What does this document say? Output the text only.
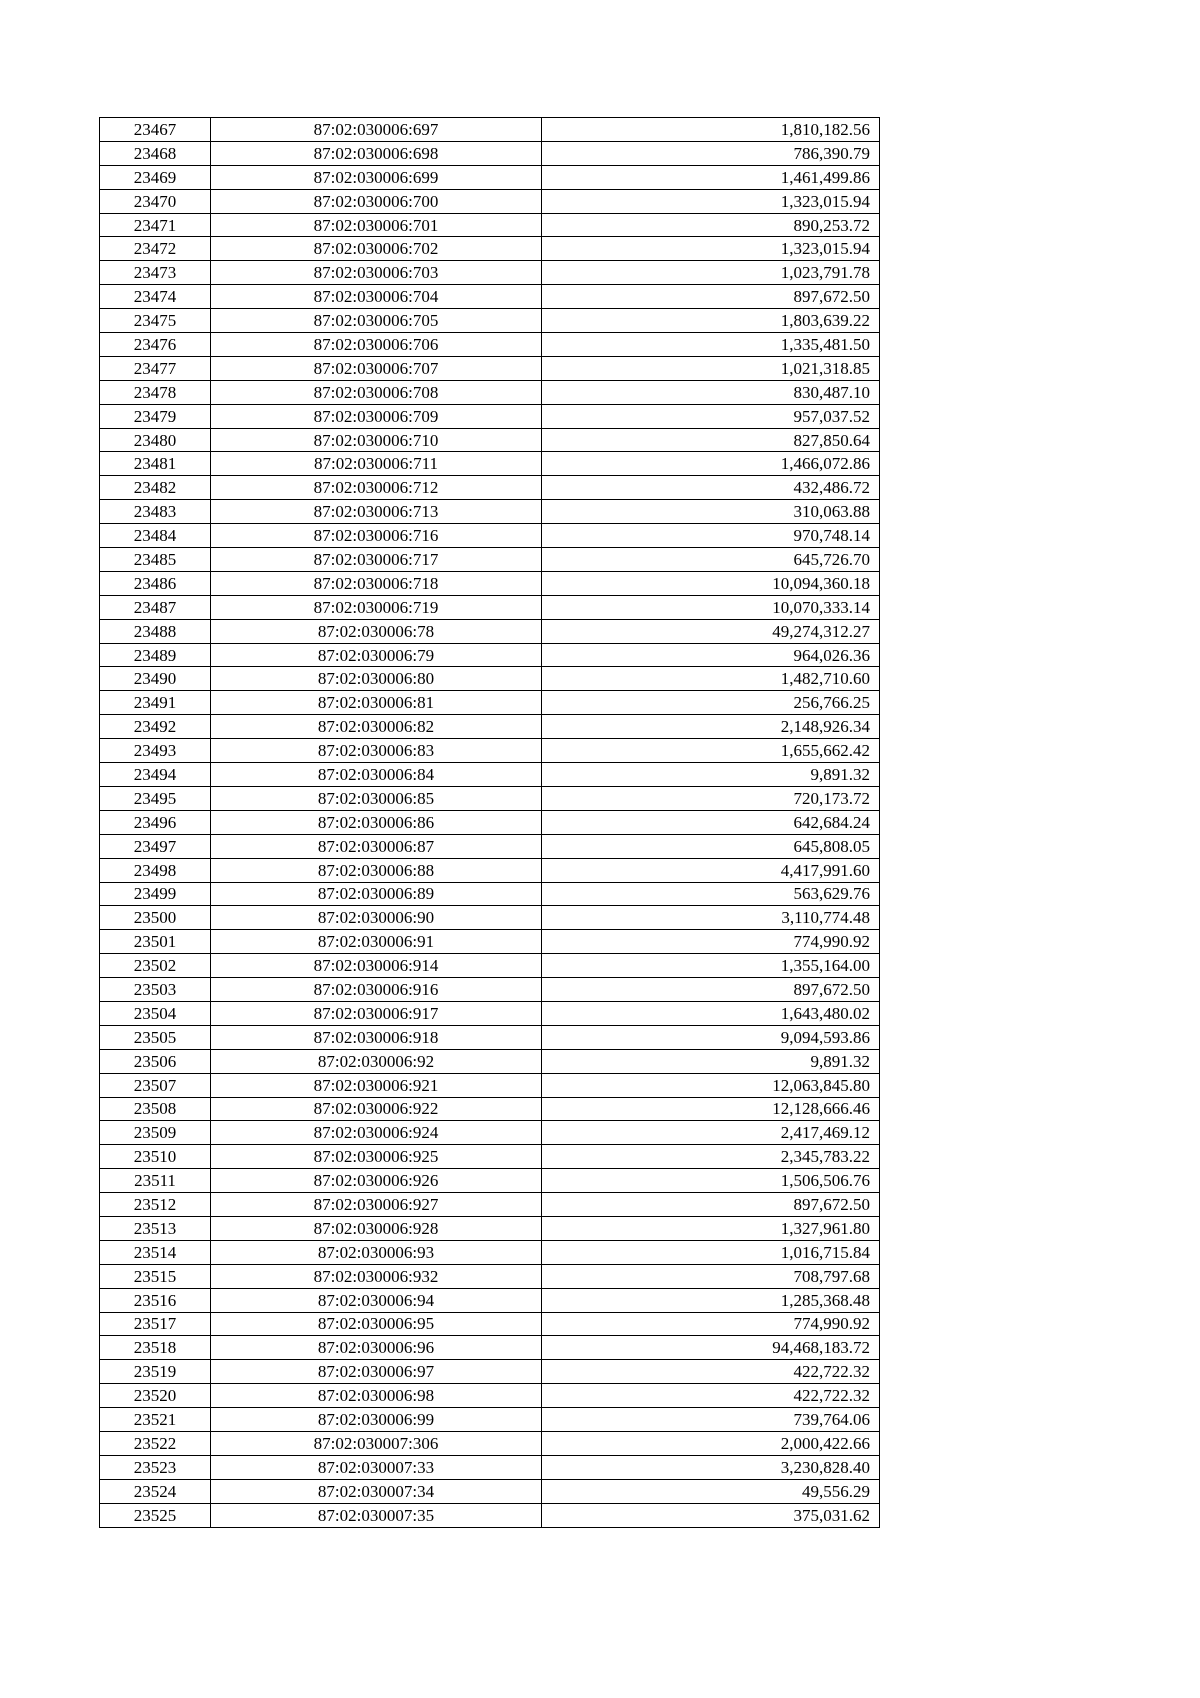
23467	87:02:030006:697	1,810,182.56
23468	87:02:030006:698	786,390.79
23469	87:02:030006:699	1,461,499.86
23470	87:02:030006:700	1,323,015.94
23471	87:02:030006:701	890,253.72
23472	87:02:030006:702	1,323,015.94
23473	87:02:030006:703	1,023,791.78
23474	87:02:030006:704	897,672.50
23475	87:02:030006:705	1,803,639.22
23476	87:02:030006:706	1,335,481.50
23477	87:02:030006:707	1,021,318.85
23478	87:02:030006:708	830,487.10
23479	87:02:030006:709	957,037.52
23480	87:02:030006:710	827,850.64
23481	87:02:030006:711	1,466,072.86
23482	87:02:030006:712	432,486.72
23483	87:02:030006:713	310,063.88
23484	87:02:030006:716	970,748.14
23485	87:02:030006:717	645,726.70
23486	87:02:030006:718	10,094,360.18
23487	87:02:030006:719	10,070,333.14
23488	87:02:030006:78	49,274,312.27
23489	87:02:030006:79	964,026.36
23490	87:02:030006:80	1,482,710.60
23491	87:02:030006:81	256,766.25
23492	87:02:030006:82	2,148,926.34
23493	87:02:030006:83	1,655,662.42
23494	87:02:030006:84	9,891.32
23495	87:02:030006:85	720,173.72
23496	87:02:030006:86	642,684.24
23497	87:02:030006:87	645,808.05
23498	87:02:030006:88	4,417,991.60
23499	87:02:030006:89	563,629.76
23500	87:02:030006:90	3,110,774.48
23501	87:02:030006:91	774,990.92
23502	87:02:030006:914	1,355,164.00
23503	87:02:030006:916	897,672.50
23504	87:02:030006:917	1,643,480.02
23505	87:02:030006:918	9,094,593.86
23506	87:02:030006:92	9,891.32
23507	87:02:030006:921	12,063,845.80
23508	87:02:030006:922	12,128,666.46
23509	87:02:030006:924	2,417,469.12
23510	87:02:030006:925	2,345,783.22
23511	87:02:030006:926	1,506,506.76
23512	87:02:030006:927	897,672.50
23513	87:02:030006:928	1,327,961.80
23514	87:02:030006:93	1,016,715.84
23515	87:02:030006:932	708,797.68
23516	87:02:030006:94	1,285,368.48
23517	87:02:030006:95	774,990.92
23518	87:02:030006:96	94,468,183.72
23519	87:02:030006:97	422,722.32
23520	87:02:030006:98	422,722.32
23521	87:02:030006:99	739,764.06
23522	87:02:030007:306	2,000,422.66
23523	87:02:030007:33	3,230,828.40
23524	87:02:030007:34	49,556.29
23525	87:02:030007:35	375,031.62
